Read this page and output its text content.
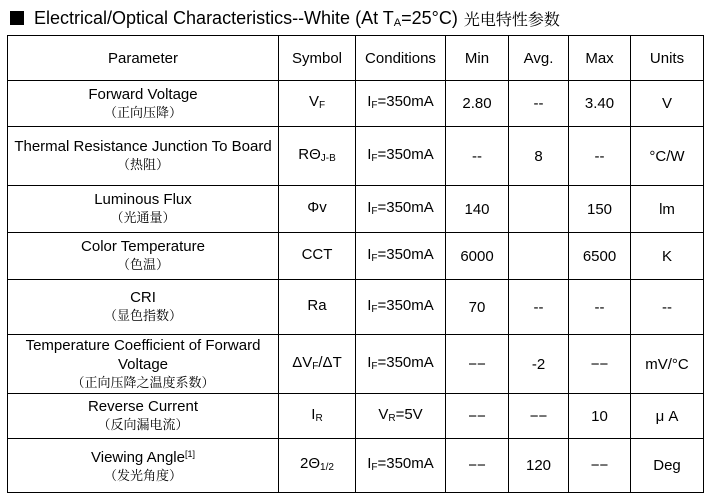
Electrical/Optical Characteristics--White (At $T_A=25^\circ C$) 光电特性参数
Parameter	Symbol	Conditions	Min	Avg.	Max	Units
Forward Voltage
（正向压降）	$V_F$	$I_F=350mA$	2.80	--	3.40	V
Thermal Resistance Junction To Board
（热阻）	$R\Theta_{J-B}$	$I_F=350mA$	--	8	--	°C/W
Luminous Flux
（光通量）	Φv	$I_F=350mA$	140		150	lm
Color Temperature
（色温）	CCT	$I_F=350mA$	6000		6500	K
CRI
（显色指数）	Ra	$I_F=350mA$	70	--	--	--
Temperature Coefficient of Forward Voltage
（正向压降之温度系数）	$\Delta V_F/\Delta T$	$I_F=350mA$	−−	-2	−−	mV/°C
Reverse Current
（反向漏电流）	$I_R$	$V_R=5V$	−−	−−	10	μ A
Viewing Angle[1]
（发光角度）	$2\Theta_{1/2}$	$I_F=350mA$	−−	120	−−	Deg
